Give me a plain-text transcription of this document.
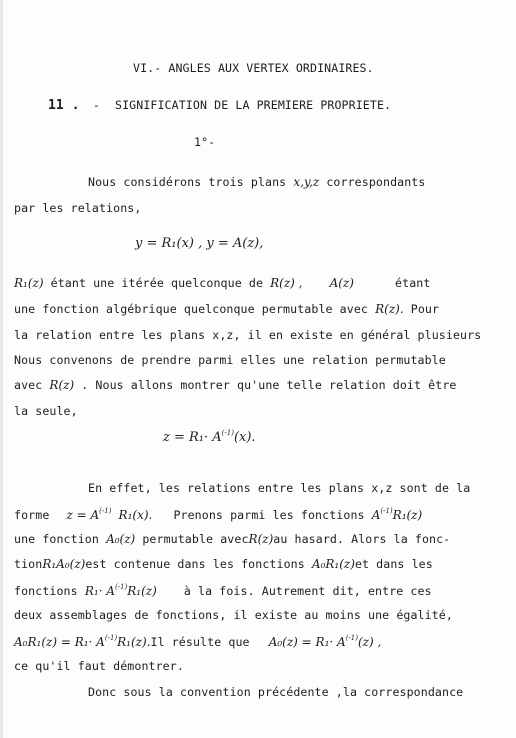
VI.- ANGLES AUX VERTEX ORDINAIRES.
11 . - SIGNIFICATION DE LA PREMIERE PROPRIETE.
1°-
Nous considérons trois plans x,y,z correspondants
par les relations,
y = R₁(x) , y = A(z),
R₁(z) étant une itérée quelconque de R(z) , A(z)	étant
une fonction algébrique quelconque permutable avec R(z). Pour
la relation entre les plans x,z, il en existe en général plusieurs
Nous convenons de prendre parmi elles une relation permutable
avec R(z) . Nous allons montrer qu'une telle relation doit être
la seule,
$z = R_1\cdot A^{(-1)}(x)$.
En effet, les relations entre les plans x,z sont de la
forme $z = A^{(-1)}$ R₁(x). Prenons parmi les fonctions $A^{(-1)}R_1(z)$
une fonction A₀(z) permutable avecR(z)au hasard. Alors la fonc-
tionR₁A₀(z)est contenue dans les fonctions A₀R₁(z)et dans les
fonctions $R_1\cdot A^{(-1)}R_1(z)$ à la fois. Autrement dit, entre ces
deux assemblages de fonctions, il existe au moins une égalité,
$A_0R_1(z) = R_1\cdot A^{(-1)}R_1(z).Il$ résulte que $A_0(z) = R_1\cdot A^{(-1)}(z)$ ,
ce qu'il faut démontrer.
Donc sous la convention précédente ,la correspondance
